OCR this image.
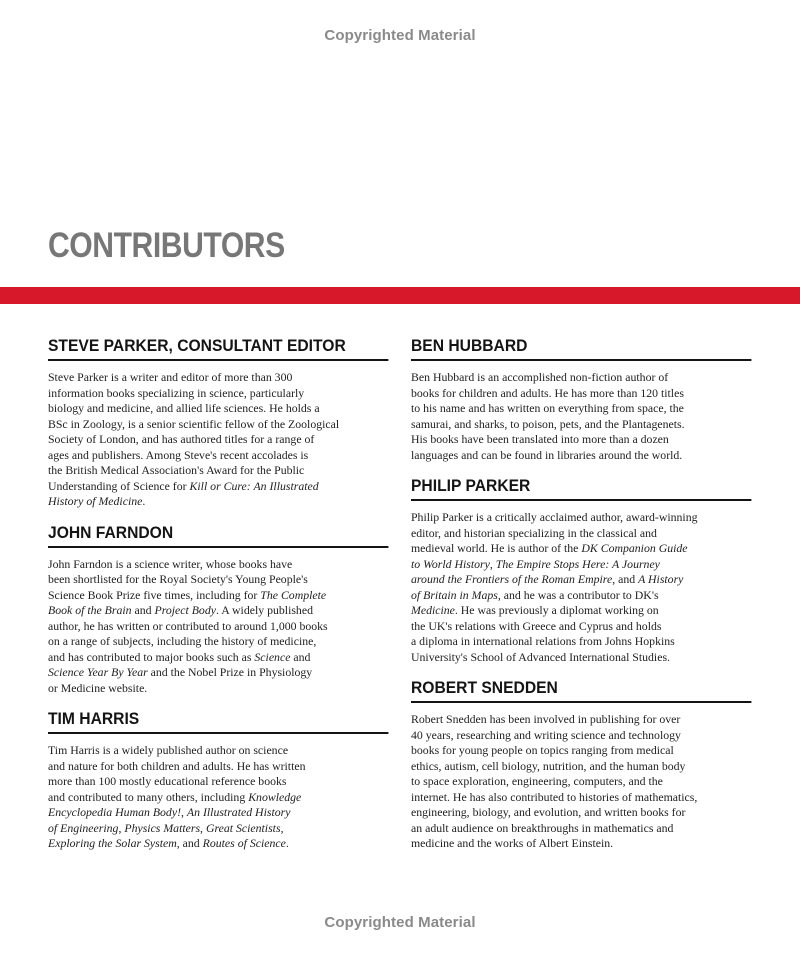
Copyrighted Material
CONTRIBUTORS
STEVE PARKER, CONSULTANT EDITOR

Steve Parker is a writer and editor of more than 300
information books specializing in science, particularly
biology and medicine, and allied life sciences. He holds a
BSc in Zoology, is a senior scientific fellow of the Zoological
Society of London, and has authored titles for a range of
ages and publishers. Among Steve's recent accolades is
the British Medical Association's Award for the Public
Understanding of Science for Kill or Cure: An Illustrated
History of Medicine.

JOHN FARNDON

John Farndon is a science writer, whose books have
been shortlisted for the Royal Society's Young People's
Science Book Prize five times, including for The Complete
Book of the Brain and Project Body. A widely published
author, he has written or contributed to around 1,000 books
on a range of subjects, including the history of medicine,
and has contributed to major books such as Science and
Science Year By Year and the Nobel Prize in Physiology
or Medicine website.

TIM HARRIS

Tim Harris is a widely published author on science
and nature for both children and adults. He has written
more than 100 mostly educational reference books
and contributed to many others, including Knowledge
Encyclopedia Human Body!, An Illustrated History
of Engineering, Physics Matters, Great Scientists,
Exploring the Solar System, and Routes of Science.

BEN HUBBARD

Ben Hubbard is an accomplished non-fiction author of
books for children and adults. He has more than 120 titles
to his name and has written on everything from space, the
samurai, and sharks, to poison, pets, and the Plantagenets.
His books have been translated into more than a dozen
languages and can be found in libraries around the world.

PHILIP PARKER

Philip Parker is a critically acclaimed author, award-winning
editor, and historian specializing in the classical and
medieval world. He is author of the DK Companion Guide
to World History, The Empire Stops Here: A Journey
around the Frontiers of the Roman Empire, and A History
of Britain in Maps, and he was a contributor to DK's
Medicine. He was previously a diplomat working on
the UK's relations with Greece and Cyprus and holds
a diploma in international relations from Johns Hopkins
University's School of Advanced International Studies.

ROBERT SNEDDEN

Robert Snedden has been involved in publishing for over
40 years, researching and writing science and technology
books for young people on topics ranging from medical
ethics, autism, cell biology, nutrition, and the human body
to space exploration, engineering, computers, and the
internet. He has also contributed to histories of mathematics,
engineering, biology, and evolution, and written books for
an adult audience on breakthroughs in mathematics and
medicine and the works of Albert Einstein.

Copyrighted Material
